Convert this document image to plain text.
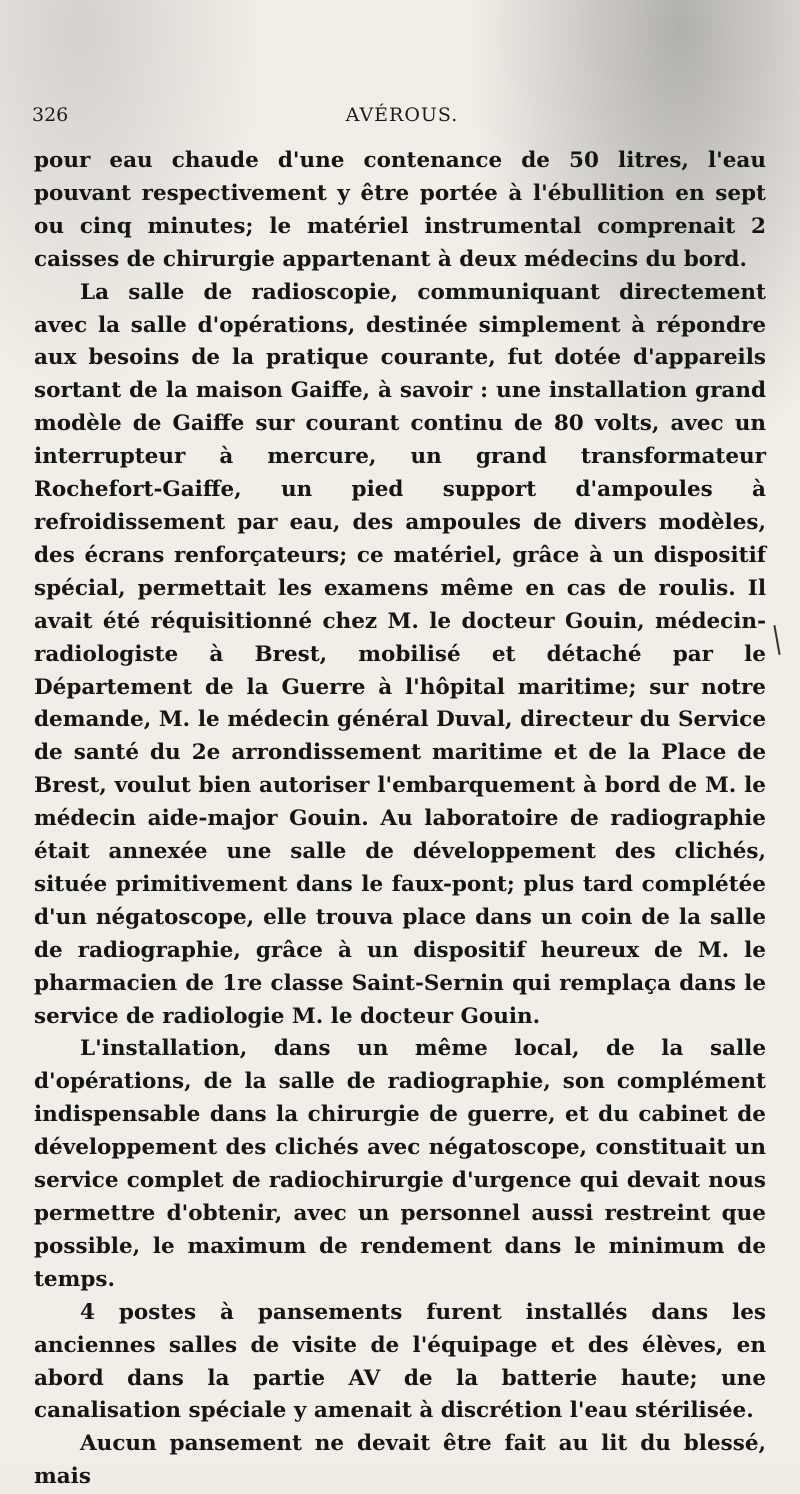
326	AVÉROUS.

pour eau chaude d'une contenance de 50 litres, l'eau pouvant respectivement y être portée à l'ébullition en sept ou cinq minutes; le matériel instrumental comprenait 2 caisses de chirurgie appartenant à deux médecins du bord.

La salle de radioscopie, communiquant directement avec la salle d'opérations, destinée simplement à répondre aux besoins de la pratique courante, fut dotée d'appareils sortant de la maison Gaiffe, à savoir : une installation grand modèle de Gaiffe sur courant continu de 80 volts, avec un interrupteur à mercure, un grand transformateur Rochefort-Gaiffe, un pied support d'ampoules à refroidissement par eau, des ampoules de divers modèles, des écrans renforçateurs; ce matériel, grâce à un dispositif spécial, permettait les examens même en cas de roulis. Il avait été réquisitionné chez M. le docteur Gouin, médecin-radiologiste à Brest, mobilisé et détaché par le Département de la Guerre à l'hôpital maritime; sur notre demande, M. le médecin général Duval, directeur du Service de santé du 2e arrondissement maritime et de la Place de Brest, voulut bien autoriser l'embarquement à bord de M. le médecin aide-major Gouin. Au laboratoire de radiographie était annexée une salle de développement des clichés, située primitivement dans le faux-pont; plus tard complétée d'un négatoscope, elle trouva place dans un coin de la salle de radiographie, grâce à un dispositif heureux de M. le pharmacien de 1re classe Saint-Sernin qui remplaça dans le service de radiologie M. le docteur Gouin.

L'installation, dans un même local, de la salle d'opérations, de la salle de radiographie, son complément indispensable dans la chirurgie de guerre, et du cabinet de développement des clichés avec négatoscope, constituait un service complet de radiochirurgie d'urgence qui devait nous permettre d'obtenir, avec un personnel aussi restreint que possible, le maximum de rendement dans le minimum de temps.

4 postes à pansements furent installés dans les anciennes salles de visite de l'équipage et des élèves, en abord dans la partie AV de la batterie haute; une canalisation spéciale y amenait à discrétion l'eau stérilisée.

Aucun pansement ne devait être fait au lit du blessé, mais
